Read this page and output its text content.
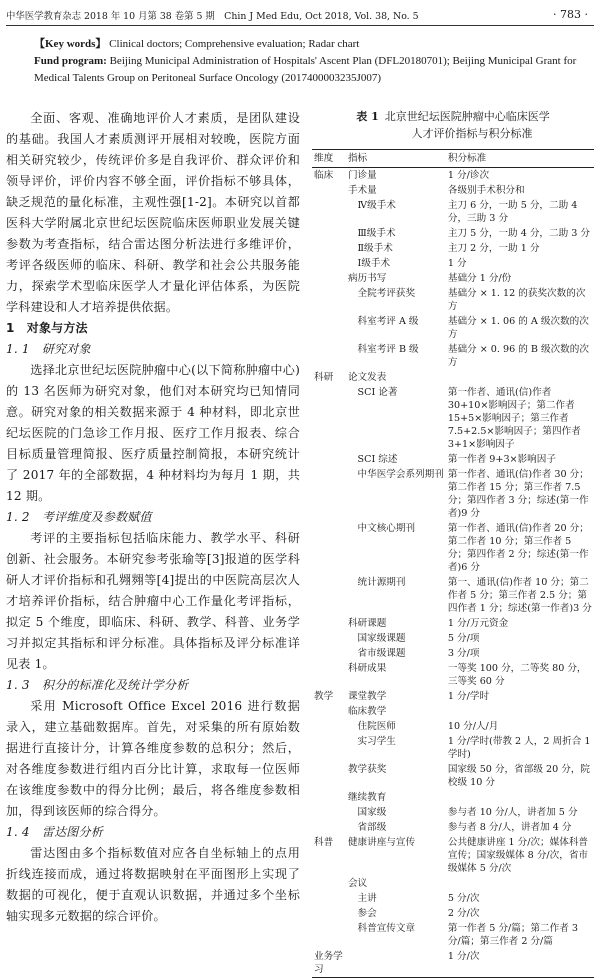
中华医学教育杂志 2018 年 10 月第 38 卷第 5 期　Chin J Med Edu, Oct 2018, Vol. 38, No. 5	· 783 ·
【Key words】 Clinical doctors; Comprehensive evaluation; Radar chart
Fund program: Beijing Municipal Administration of Hospitals' Ascent Plan (DFL20180701); Beijing Municipal Grant for Medical Talents Group on Peritoneal Surface Oncology (2017400003235J007)

全面、客观、准确地评价人才素质，是团队建设的基础。我国人才素质测评开展相对较晚，医院方面相关研究较少，传统评价多是自我评价、群众评价和领导评价，评价内容不够全面，评价指标不够具体，缺乏规范的量化标准，主观性强[1-2]。本研究以首都医科大学附属北京世纪坛医院临床医师职业发展关键参数为考查指标，结合雷达图分析法进行多维评价，考评各级医师的临床、科研、教学和社会公共服务能力，探索学术型临床医学人才量化评估体系，为医院学科建设和人才培养提供依据。

1　对象与方法
1. 1　研究对象

选择北京世纪坛医院肿瘤中心(以下简称肿瘤中心)的 13 名医师为研究对象，他们对本研究均已知情同意。研究对象的相关数据来源于 4 种材料，即北京世纪坛医院的门急诊工作月报、医疗工作月报表、综合目标质量管理简报、医疗质量控制简报，本研究统计了 2017 年的全部数据，4 种材料均为每月 1 期，共 12 期。

1. 2　考评维度及参数赋值

考评的主要指标包括临床能力、教学水平、科研创新、社会服务。本研究参考张瑜等[3]报道的医学科研人才评价指标和孔翙翙等[4]提出的中医院高层次人才培养评价指标，结合肿瘤中心工作量化考评指标，拟定 5 个维度，即临床、科研、教学、科普、业务学习并拟定其指标和评分标准。具体指标及评分标准详见表 1。

1. 3　积分的标准化及统计学分析

采用 Microsoft Office Excel 2016 进行数据录入，建立基础数据库。首先，对采集的所有原始数据进行直接计分，计算各维度参数的总积分；然后，对各维度参数进行组内百分比计算，求取每一位医师在该维度参数中的得分比例；最后，将各维度参数相加，得到该医师的综合得分。

1. 4　雷达图分析

雷达图由多个指标数值对应各自坐标轴上的点用折线连接而成，通过将数据映射在平面图形上实现了数据的可视化，便于直观认识数据，并通过多个坐标轴实现多元数据的综合评价。

表 1 北京世纪坛医院肿瘤中心临床医学
人才评价指标与积分标准
维度	指标	积分标准
临床	门诊量	1 分/诊次
	手术量	各级别手术积分和
	　Ⅳ级手术	主刀 6 分，一助 5 分，二助 4 分，三助 3 分
	　Ⅲ级手术	主刀 5 分，一助 4 分，二助 3 分
	　Ⅱ级手术	主刀 2 分，一助 1 分
	　Ⅰ级手术	1 分
	病历书写	基础分 1 分/份
	　全院考评获奖	基础分 × 1. 12 的获奖次数的次方
	　科室考评 A 级	基础分 × 1. 06 的 A 级次数的次方
	　科室考评 B 级	基础分 × 0. 96 的 B 级次数的次方
科研	论文发表	
	　SCI 论著	第一作者、通讯(信)作者 30+10×影响因子；第二作者 15+5×影响因子；第三作者 7.5+2.5×影响因子；第四作者 3+1×影响因子
	　SCI 综述	第一作者 9+3×影响因子
	　中华医学会系列期刊	第一作者、通讯(信)作者 30 分；第二作者 15 分；第三作者 7.5 分；第四作者 3 分；综述(第一作者)9 分
	　中文核心期刊	第一作者、通讯(信)作者 20 分；第二作者 10 分；第三作者 5 分；第四作者 2 分；综述(第一作者)6 分
	　统计源期刊	第一、通讯(信)作者 10 分；第二作者 5 分；第三作者 2.5 分；第四作者 1 分；综述(第一作者)3 分
	科研课题	1 分/万元资金
	　国家级课题	5 分/项
	　省市级课题	3 分/项
	科研成果	一等奖 100 分，二等奖 80 分，三等奖 60 分
教学	课堂教学	1 分/学时
	临床教学	
	　住院医师	10 分/人/月
	　实习学生	1 分/学时(带教 2 人，2 周折合 1 学时)
	教学获奖	国家级 50 分，省部级 20 分，院校级 10 分
	继续教育	
	　国家级	参与者 10 分/人，讲者加 5 分
	　省部级	参与者 8 分/人，讲者加 4 分
科普	健康讲座与宣传	公共健康讲座 1 分/次；媒体科普宣传；国家级媒体 8 分/次，省市级媒体 5 分/次
	会议	
	　主讲	5 分/次
	　参会	2 分/次
	　科普宣传文章	第一作者 5 分/篇；第二作者 3 分/篇；第三作者 2 分/篇
业务学习		1 分/次
